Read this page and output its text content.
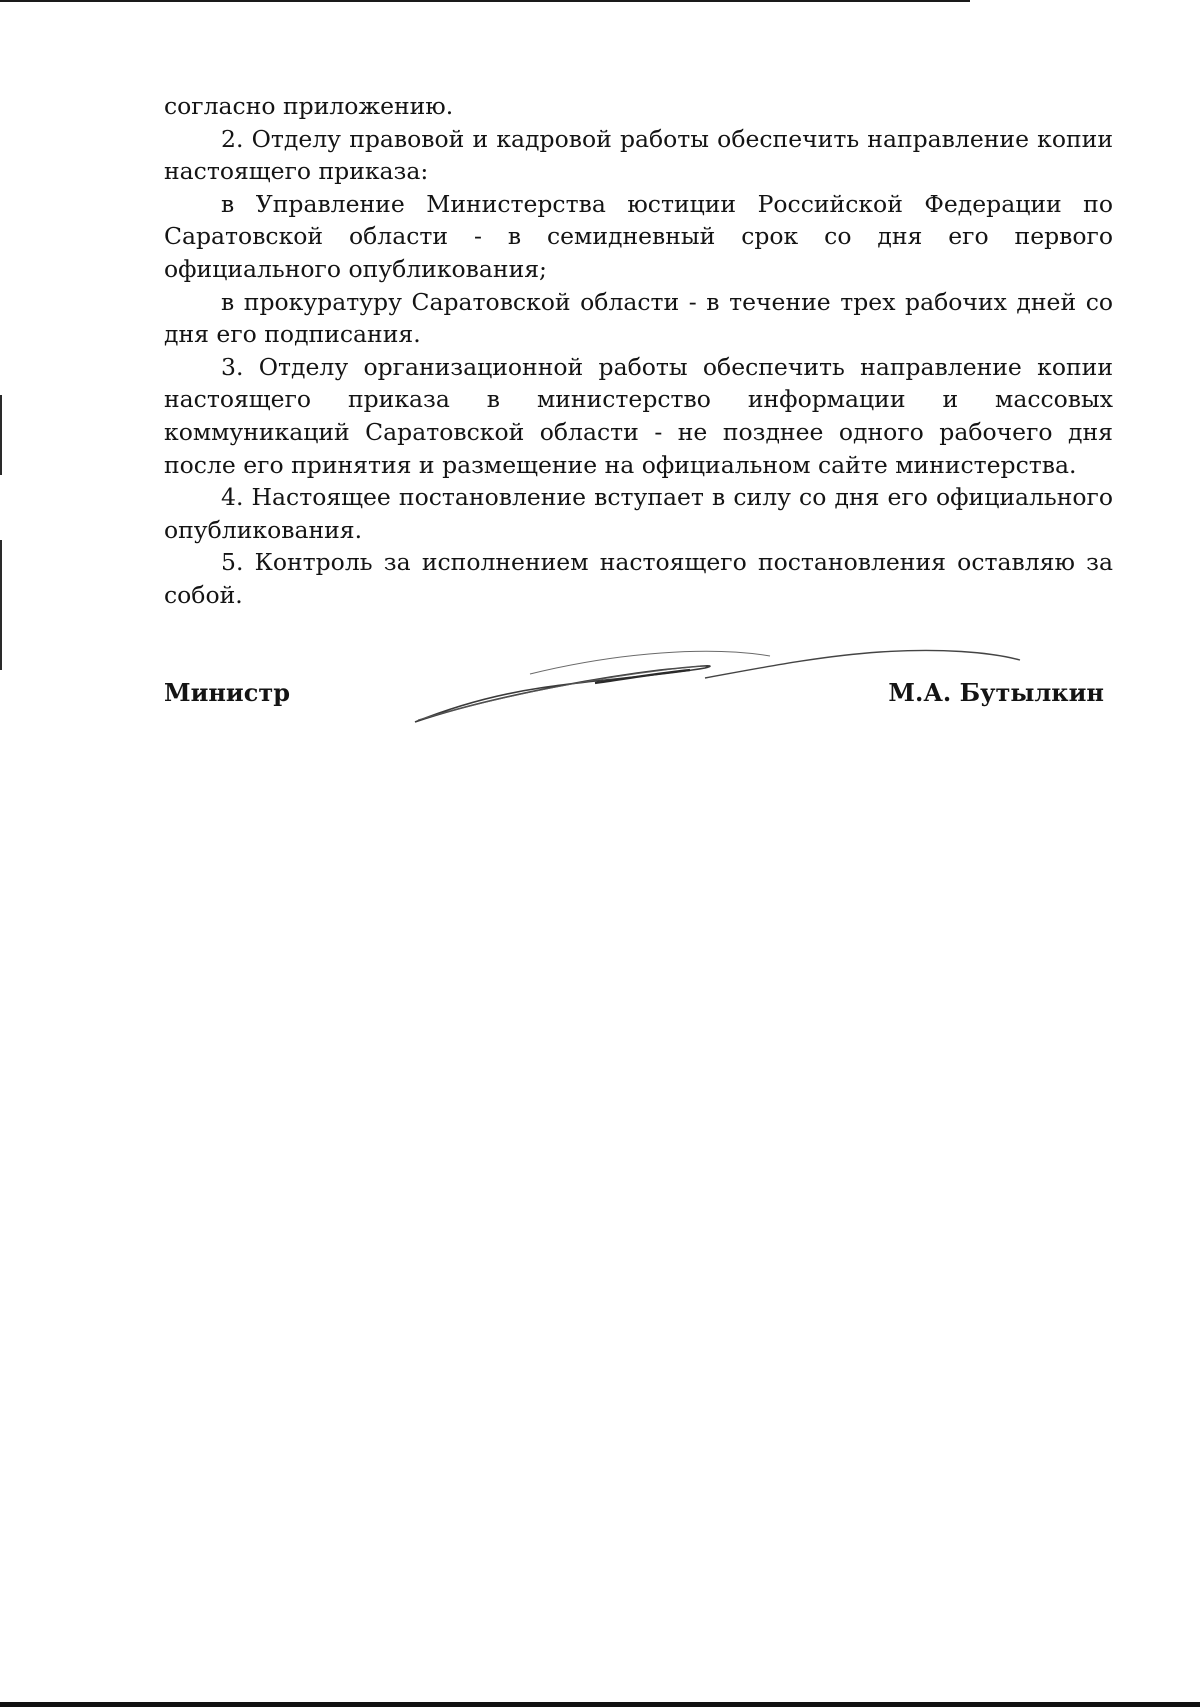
согласно приложению.

2. Отделу правовой и кадровой работы обеспечить направление копии настоящего приказа:

в Управление Министерства юстиции Российской Федерации по Саратовской области - в семидневный срок со дня его первого официального опубликования;

в прокуратуру Саратовской области - в течение трех рабочих дней со дня его подписания.

3. Отделу организационной работы обеспечить направление копии настоящего приказа в министерство информации и массовых коммуникаций Саратовской области - не позднее одного рабочего дня после его принятия и размещение на официальном сайте министерства.

4. Настоящее постановление вступает в силу со дня его официального опубликования.

5. Контроль за исполнением настоящего постановления оставляю за собой.

Министр	М.А. Бутылкин
